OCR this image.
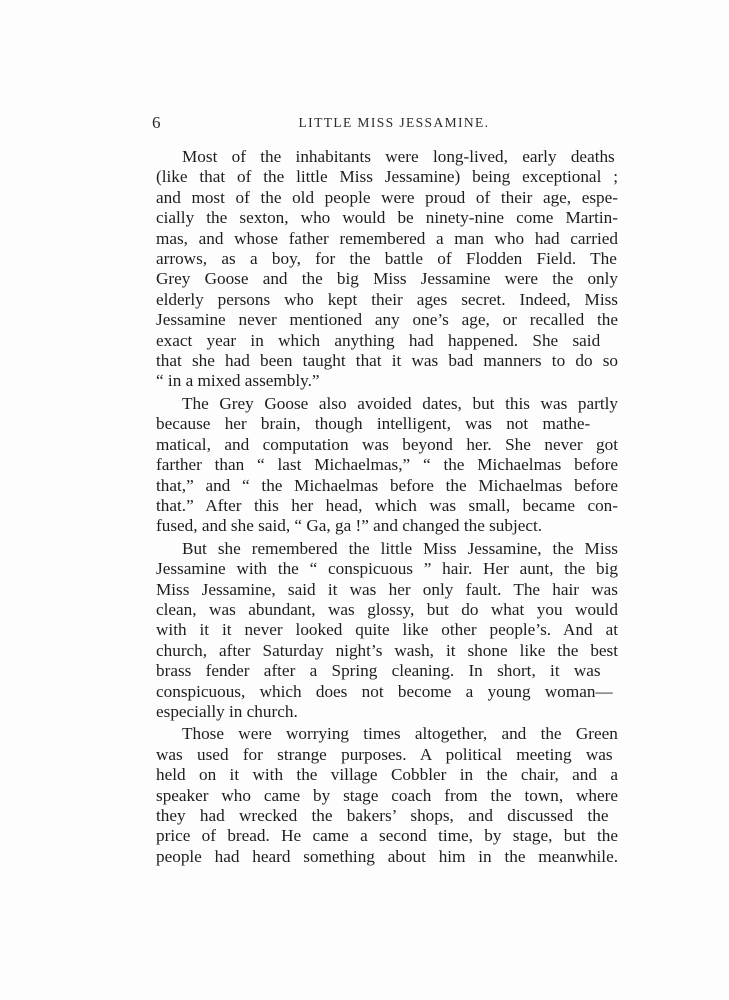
6	LITTLE MISS JESSAMINE.
Most of the inhabitants were long-lived, early deaths
(like that of the little Miss Jessamine) being exceptional ;
and most of the old people were proud of their age, espe-
cially the sexton, who would be ninety-nine come Martin-
mas, and whose father remembered a man who had carried
arrows, as a boy, for the battle of Flodden Field. The
Grey Goose and the big Miss Jessamine were the only
elderly persons who kept their ages secret. Indeed, Miss
Jessamine never mentioned any one’s age, or recalled the
exact year in which anything had happened. She said
that she had been taught that it was bad manners to do so
“ in a mixed assembly.”
The Grey Goose also avoided dates, but this was partly
because her brain, though intelligent, was not mathe-
matical, and computation was beyond her. She never got
farther than “ last Michaelmas,” “ the Michaelmas before
that,” and “ the Michaelmas before the Michaelmas before
that.” After this her head, which was small, became con-
fused, and she said, “ Ga, ga !” and changed the subject.
But she remembered the little Miss Jessamine, the Miss
Jessamine with the “ conspicuous ” hair. Her aunt, the big
Miss Jessamine, said it was her only fault. The hair was
clean, was abundant, was glossy, but do what you would
with it it never looked quite like other people’s. And at
church, after Saturday night’s wash, it shone like the best
brass fender after a Spring cleaning. In short, it was
conspicuous, which does not become a young woman—
especially in church.
Those were worrying times altogether, and the Green
was used for strange purposes. A political meeting was
held on it with the village Cobbler in the chair, and a
speaker who came by stage coach from the town, where
they had wrecked the bakers’ shops, and discussed the
price of bread. He came a second time, by stage, but the
people had heard something about him in the meanwhile.
